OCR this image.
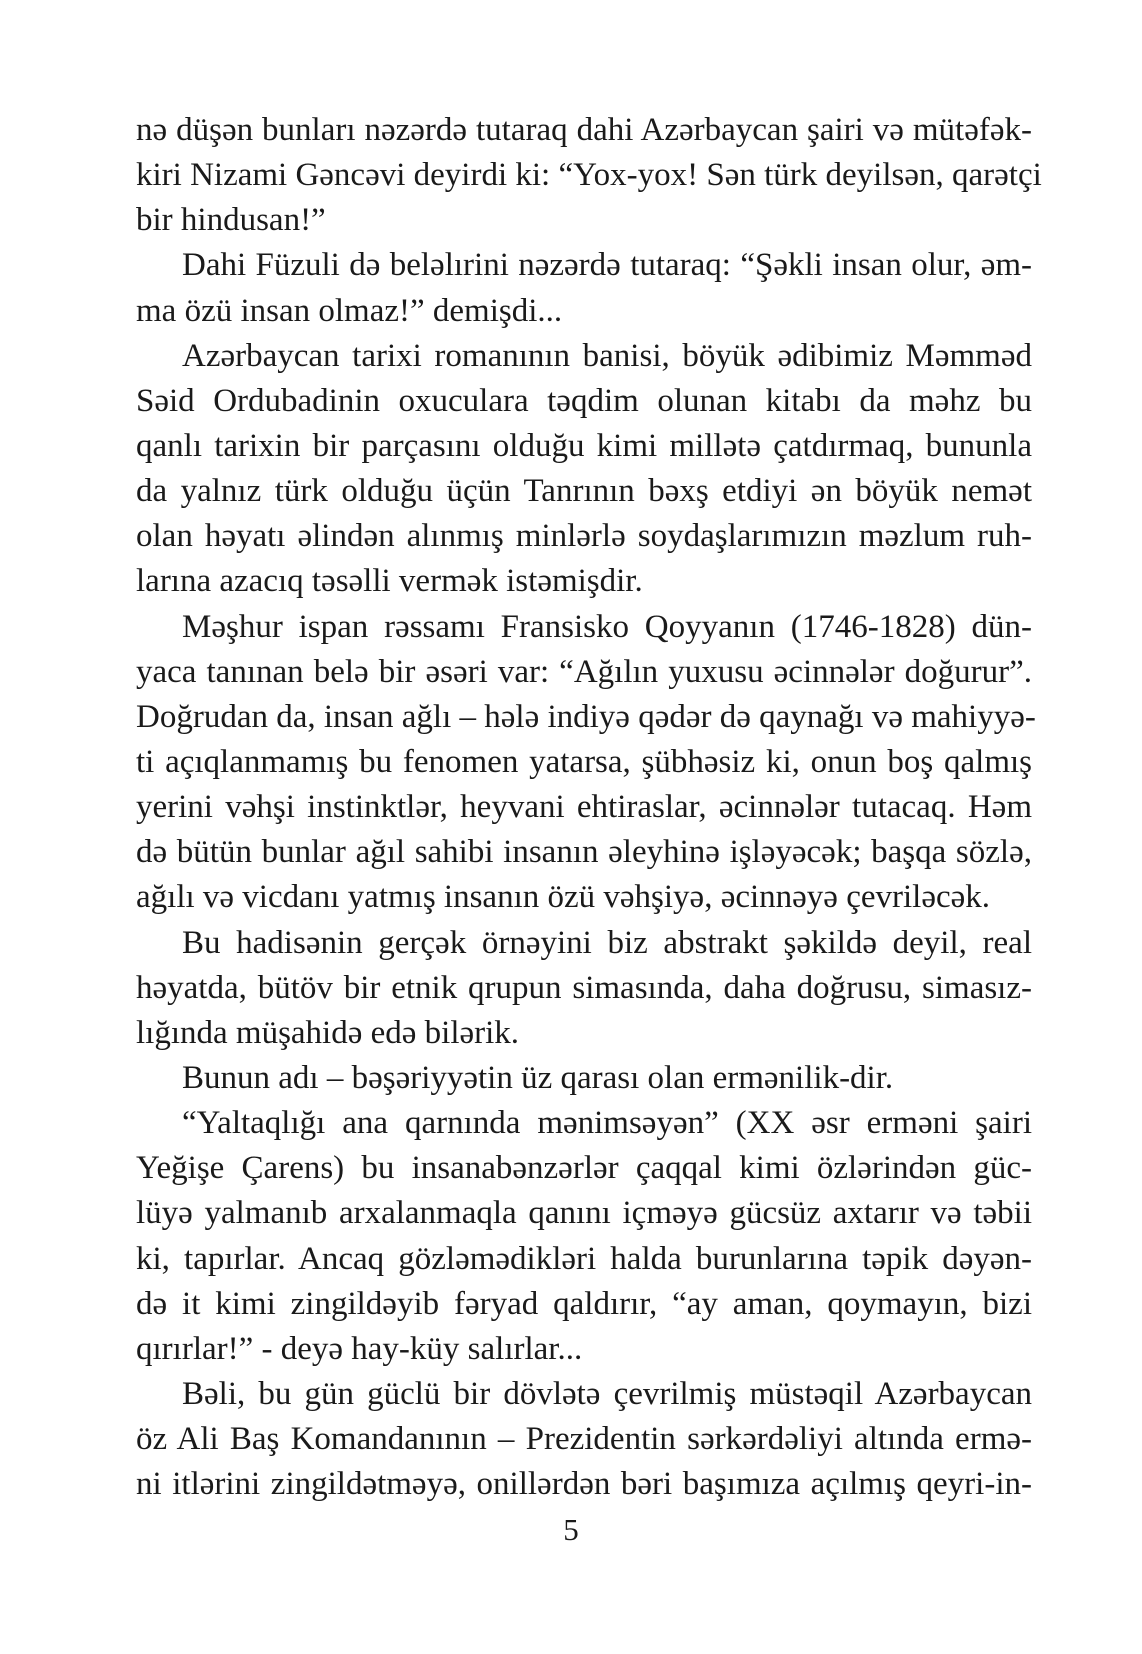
nə düşən bunları nəzərdə tutaraq dahi Azərbaycan şairi və mütəfək-
kiri Nizami Gəncəvi deyirdi ki: “Yox-yox! Sən türk deyilsən, qarətçi
bir hindusan!”
Dahi Füzuli də beləlırini nəzərdə tutaraq: “Şəkli insan olur, əm-
ma özü insan olmaz!” demişdi...
Azərbaycan tarixi romanının banisi, böyük ədibimiz Məmməd
Səid Ordubadinin oxuculara təqdim olunan kitabı da məhz bu
qanlı tarixin bir parçasını olduğu kimi millətə çatdırmaq, bununla
da yalnız türk olduğu üçün Tanrının bəxş etdiyi ən böyük nemət
olan həyatı əlindən alınmış minlərlə soydaşlarımızın məzlum ruh-
larına azacıq təsəlli vermək istəmişdir.
Məşhur ispan rəssamı Fransisko Qoyyanın (1746-1828) dün-
yaca tanınan belə bir əsəri var: “Ağılın yuxusu əcinnələr doğurur”.
Doğrudan da, insan ağlı – hələ indiyə qədər də qaynağı və mahiyyə-
ti açıqlanmamış bu fenomen yatarsa, şübhəsiz ki, onun boş qalmış
yerini vəhşi instinktlər, heyvani ehtiraslar, əcinnələr tutacaq. Həm
də bütün bunlar ağıl sahibi insanın əleyhinə işləyəcək; başqa sözlə,
ağılı və vicdanı yatmış insanın özü vəhşiyə, əcinnəyə çevriləcək.
Bu hadisənin gerçək örnəyini biz abstrakt şəkildə deyil, real
həyatda, bütöv bir etnik qrupun simasında, daha doğrusu, simasız-
lığında müşahidə edə bilərik.
Bunun adı – bəşəriyyətin üz qarası olan ermənilik-dir.
“Yaltaqlığı ana qarnında mənimsəyən” (XX əsr erməni şairi
Yeğişe Çarens) bu insanabənzərlər çaqqal kimi özlərindən güc-
lüyə yalmanıb arxalanmaqla qanını içməyə gücsüz axtarır və təbii
ki, tapırlar. Ancaq gözləmədikləri halda burunlarına təpik dəyən-
də it kimi zingildəyib fəryad qaldırır, “ay aman, qoymayın, bizi
qırırlar!” - deyə hay-küy salırlar...
Bəli, bu gün güclü bir dövlətə çevrilmiş müstəqil Azərbaycan
öz Ali Baş Komandanının – Prezidentin sərkərdəliyi altında ermə-
ni itlərini zingildətməyə, onillərdən bəri başımıza açılmış qeyri-in-
5
